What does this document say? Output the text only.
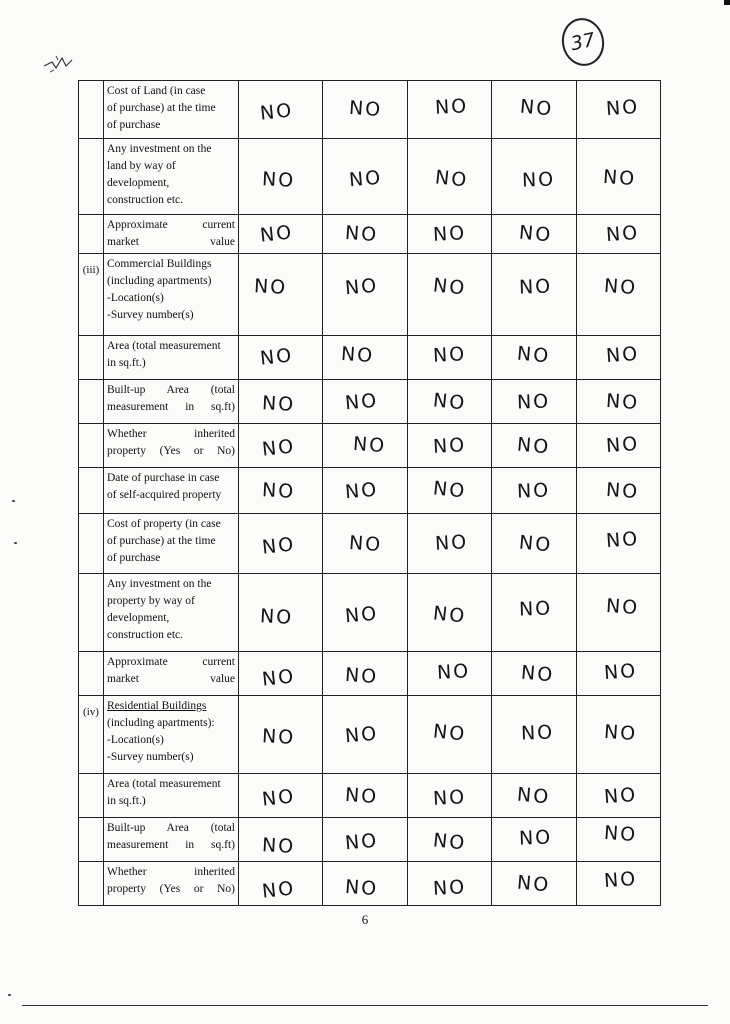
37

	Cost of Land (in case
of purchase) at the time
of purchase	NO	NO	NO	NO	NO

	Any investment on the
land by way of
development,
construction etc.	NO	NO	NO	NO	NO

	Approximate current
market value	NO	NO	NO	NO	NO
(iii)	Commercial Buildings
(including apartments)
-Location(s)
-Survey number(s)	NO	NO	NO	NO	NO

	Area (total measurement
in sq.ft.)	NO	NO	NO	NO	NO

	Built-up Area (total
measurement in sq.ft)	NO	NO	NO	NO	NO

	Whether inherited
property (Yes or No)	NO	NO	NO	NO	NO

	Date of purchase in case
of self-acquired property	NO	NO	NO	NO	NO

	Cost of property (in case
of purchase) at the time
of purchase	NO	NO	NO	NO	NO

	Any investment on the
property by way of
development,
construction etc.	NO	NO	NO	NO	NO

	Approximate current
market value	NO	NO	NO	NO	NO
(iv)	Residential Buildings
(including apartments):
-Location(s)
-Survey number(s)	NO	NO	NO	NO	NO

	Area (total measurement
in sq.ft.)	NO	NO	NO	NO	NO

	Built-up Area (total
measurement in sq.ft)	NO	NO	NO	NO	NO

	Whether inherited
property (Yes or No)	NO	NO	NO	NO	NO
6
